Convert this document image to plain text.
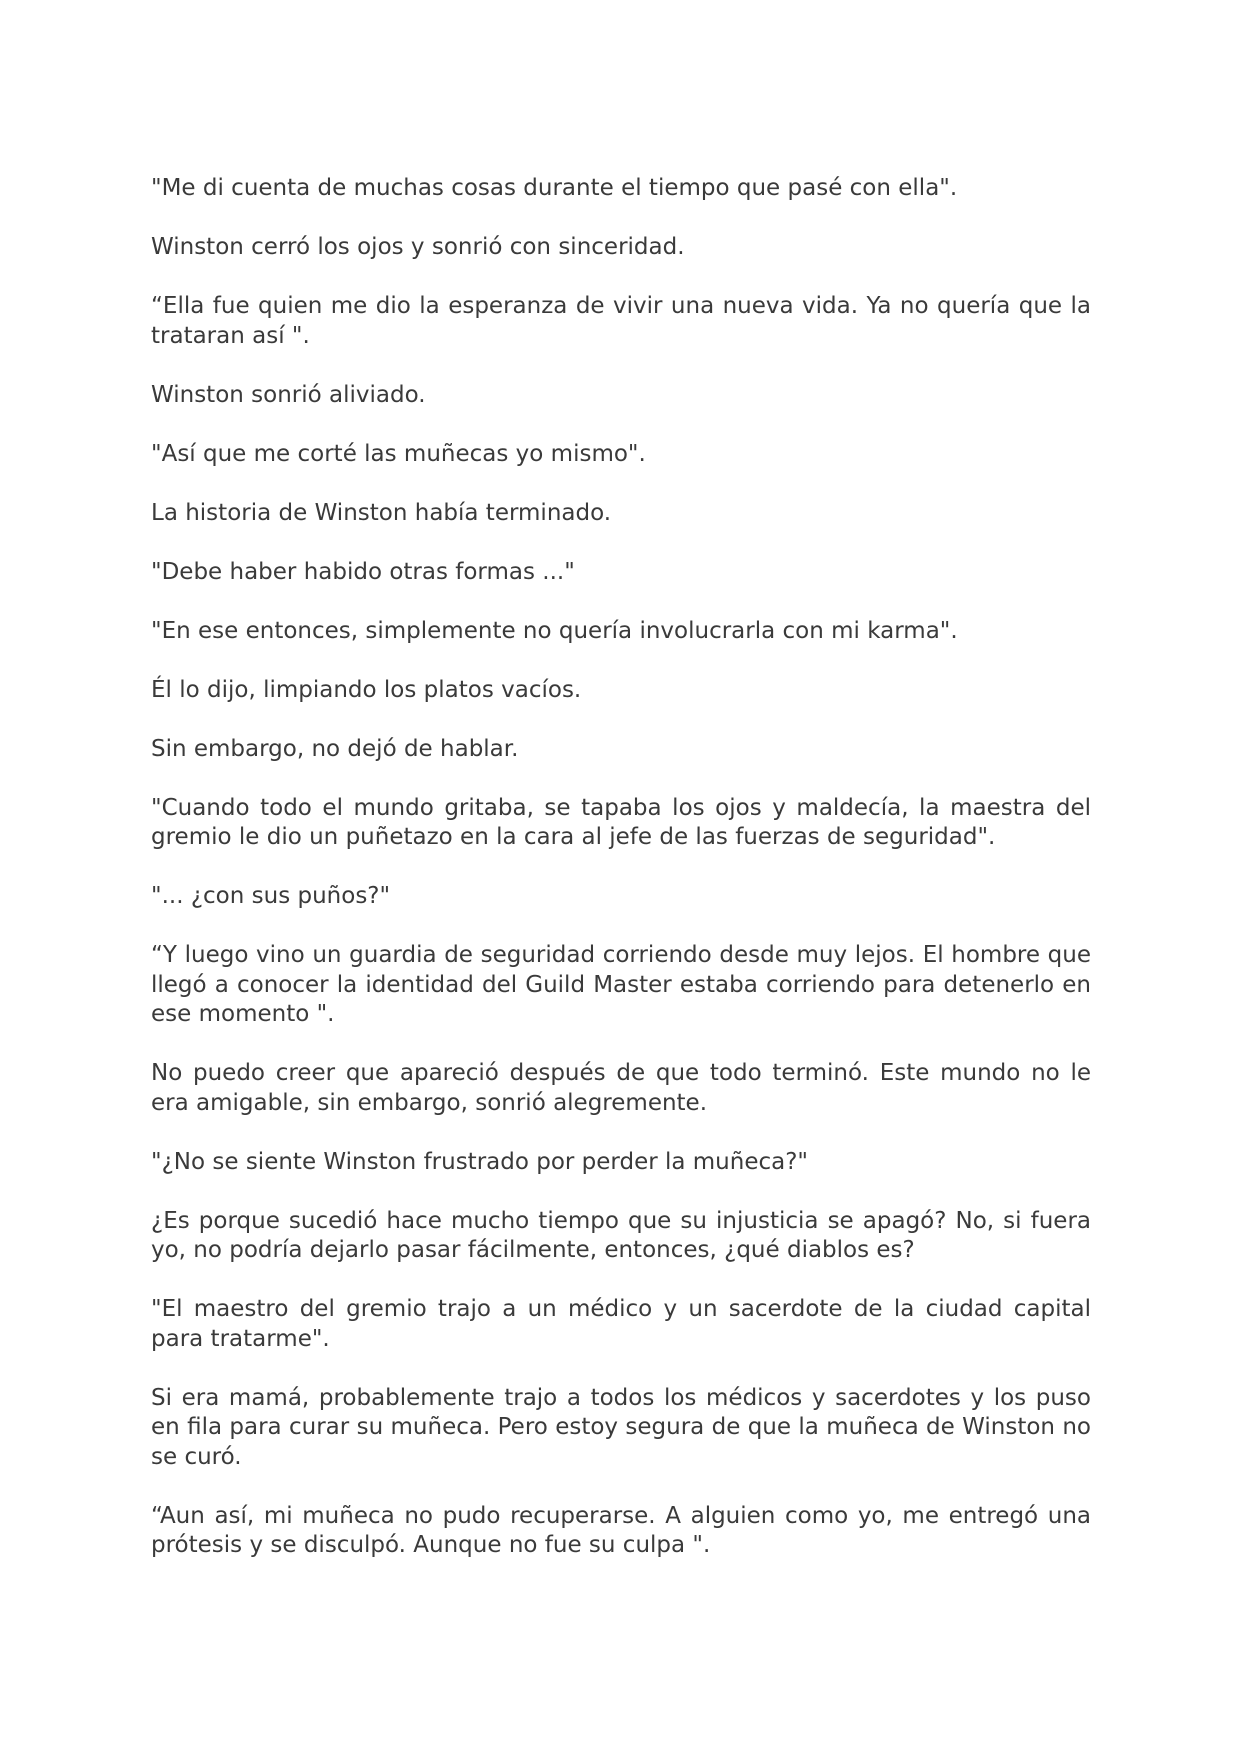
"Me di cuenta de muchas cosas durante el tiempo que pasé con ella".

Winston cerró los ojos y sonrió con sinceridad.

“Ella fue quien me dio la esperanza de vivir una nueva vida. Ya no quería que la trataran así ".

Winston sonrió aliviado.

"Así que me corté las muñecas yo mismo".

La historia de Winston había terminado.

"Debe haber habido otras formas ..."

"En ese entonces, simplemente no quería involucrarla con mi karma".

Él lo dijo, limpiando los platos vacíos.

Sin embargo, no dejó de hablar.

"Cuando todo el mundo gritaba, se tapaba los ojos y maldecía, la maestra del gremio le dio un puñetazo en la cara al jefe de las fuerzas de seguridad".

"... ¿con sus puños?"

“Y luego vino un guardia de seguridad corriendo desde muy lejos. El hombre que llegó a conocer la identidad del Guild Master estaba corriendo para detenerlo en ese momento ".

No puedo creer que apareció después de que todo terminó. Este mundo no le era amigable, sin embargo, sonrió alegremente.

"¿No se siente Winston frustrado por perder la muñeca?"

¿Es porque sucedió hace mucho tiempo que su injusticia se apagó? No, si fuera yo, no podría dejarlo pasar fácilmente, entonces, ¿qué diablos es?

"El maestro del gremio trajo a un médico y un sacerdote de la ciudad capital para tratarme".

Si era mamá, probablemente trajo a todos los médicos y sacerdotes y los puso en fila para curar su muñeca. Pero estoy segura de que la muñeca de Winston no se curó.

“Aun así, mi muñeca no pudo recuperarse. A alguien como yo, me entregó una prótesis y se disculpó. Aunque no fue su culpa ".
